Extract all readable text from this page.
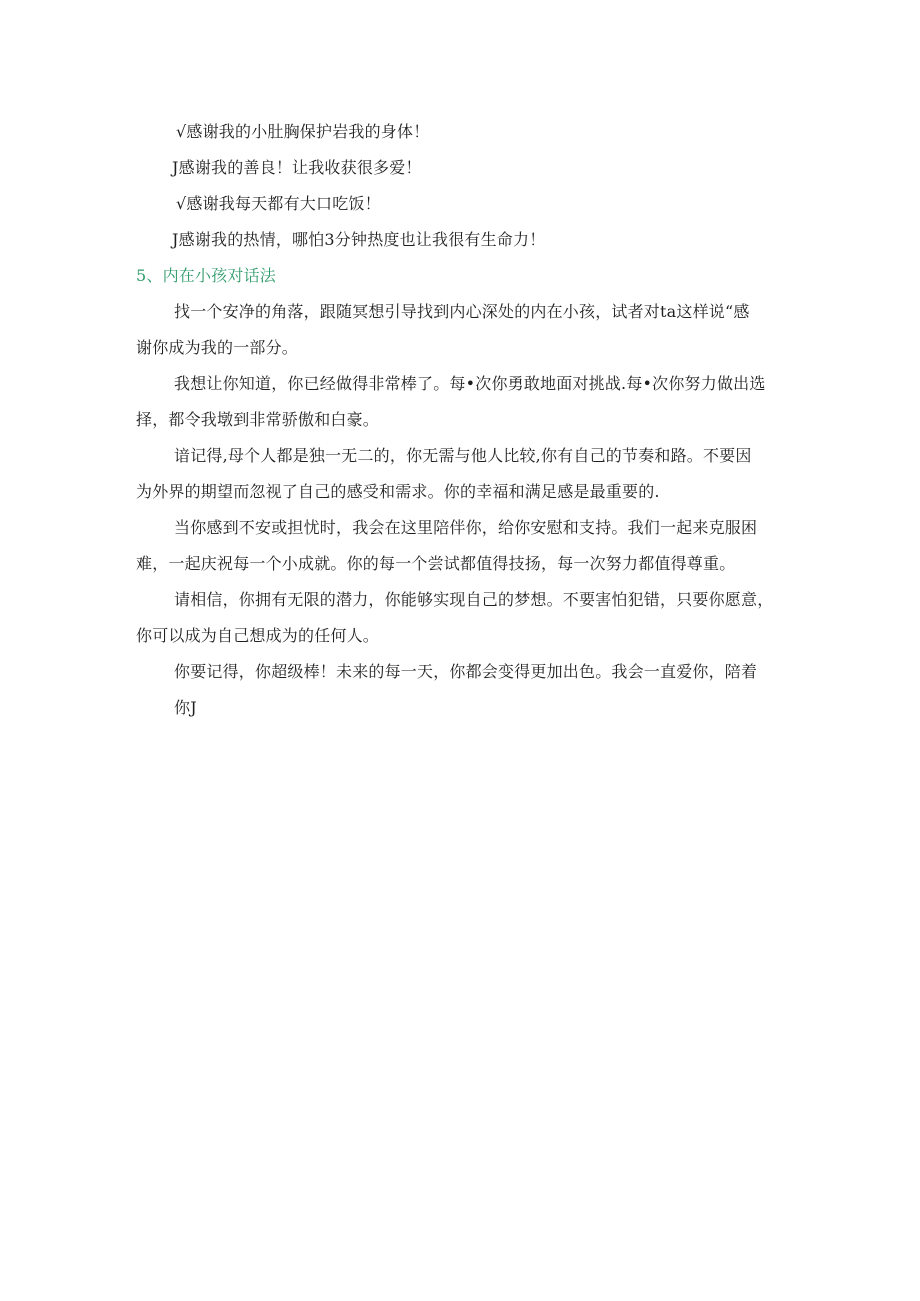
√感谢我的小肚胸保护岩我的身体！
J感谢我的善良！让我收获很多爱！
√感谢我每天都有大口吃饭！
J感谢我的热情，哪怕3分钟热度也让我很有生命力！
5、内在小孩对话法
找一个安净的角落，跟随冥想引导找到内心深处的内在小孩，试者对ta这样说“感
谢你成为我的一部分。
我想让你知道，你已经做得非常棒了。每•次你勇敢地面对挑战.每•次你努力做出选
择，都令我墩到非常骄傲和白豪。
谙记得,母个人都是独一无二的，你无需与他人比较,你有自己的节奏和路。不要因
为外界的期望而忽视了自己的感受和需求。你的幸福和满足感是最重要的.
当你感到不安或担忧时，我会在这里陪伴你，给你安慰和支持。我们一起来克服困
难，一起庆祝每一个小成就。你的每一个尝试都值得技扬，每一次努力都值得尊重。
请相信，你拥有无限的潜力，你能够实现自己的梦想。不要害怕犯错，只要你愿意，
你可以成为自己想成为的任何人。
你要记得，你超级棒！未来的每一天，你都会变得更加出色。我会一直爱你，陪着
你J
